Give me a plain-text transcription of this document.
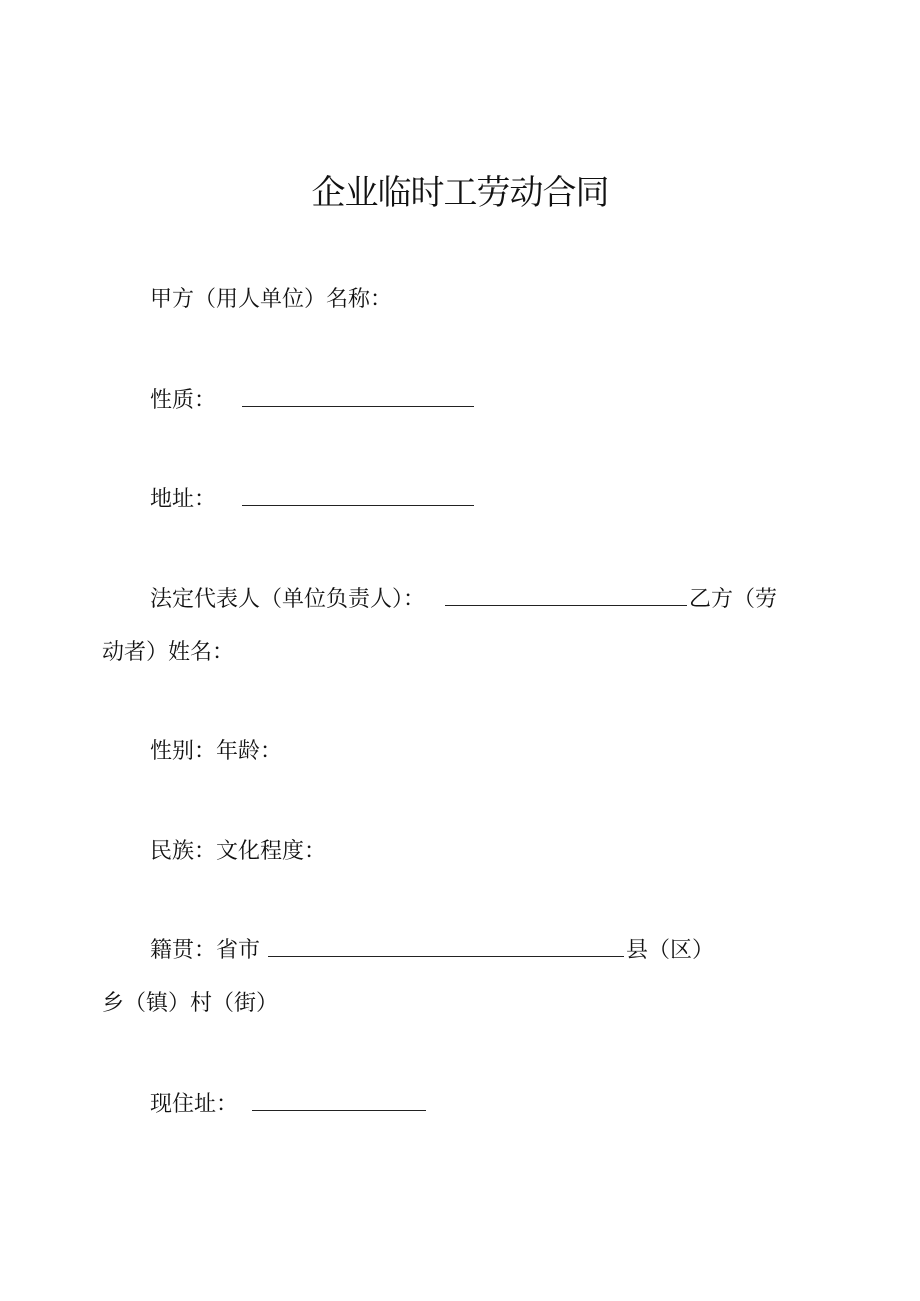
企业临时工劳动合同
甲方（用人单位）名称：
性质：
地址：
法定代表人（单位负责人）：	乙方（劳
动者）姓名：
性别：年龄：
民族：文化程度：
籍贯：省市	县（区）
乡（镇）村（街）
现住址：
